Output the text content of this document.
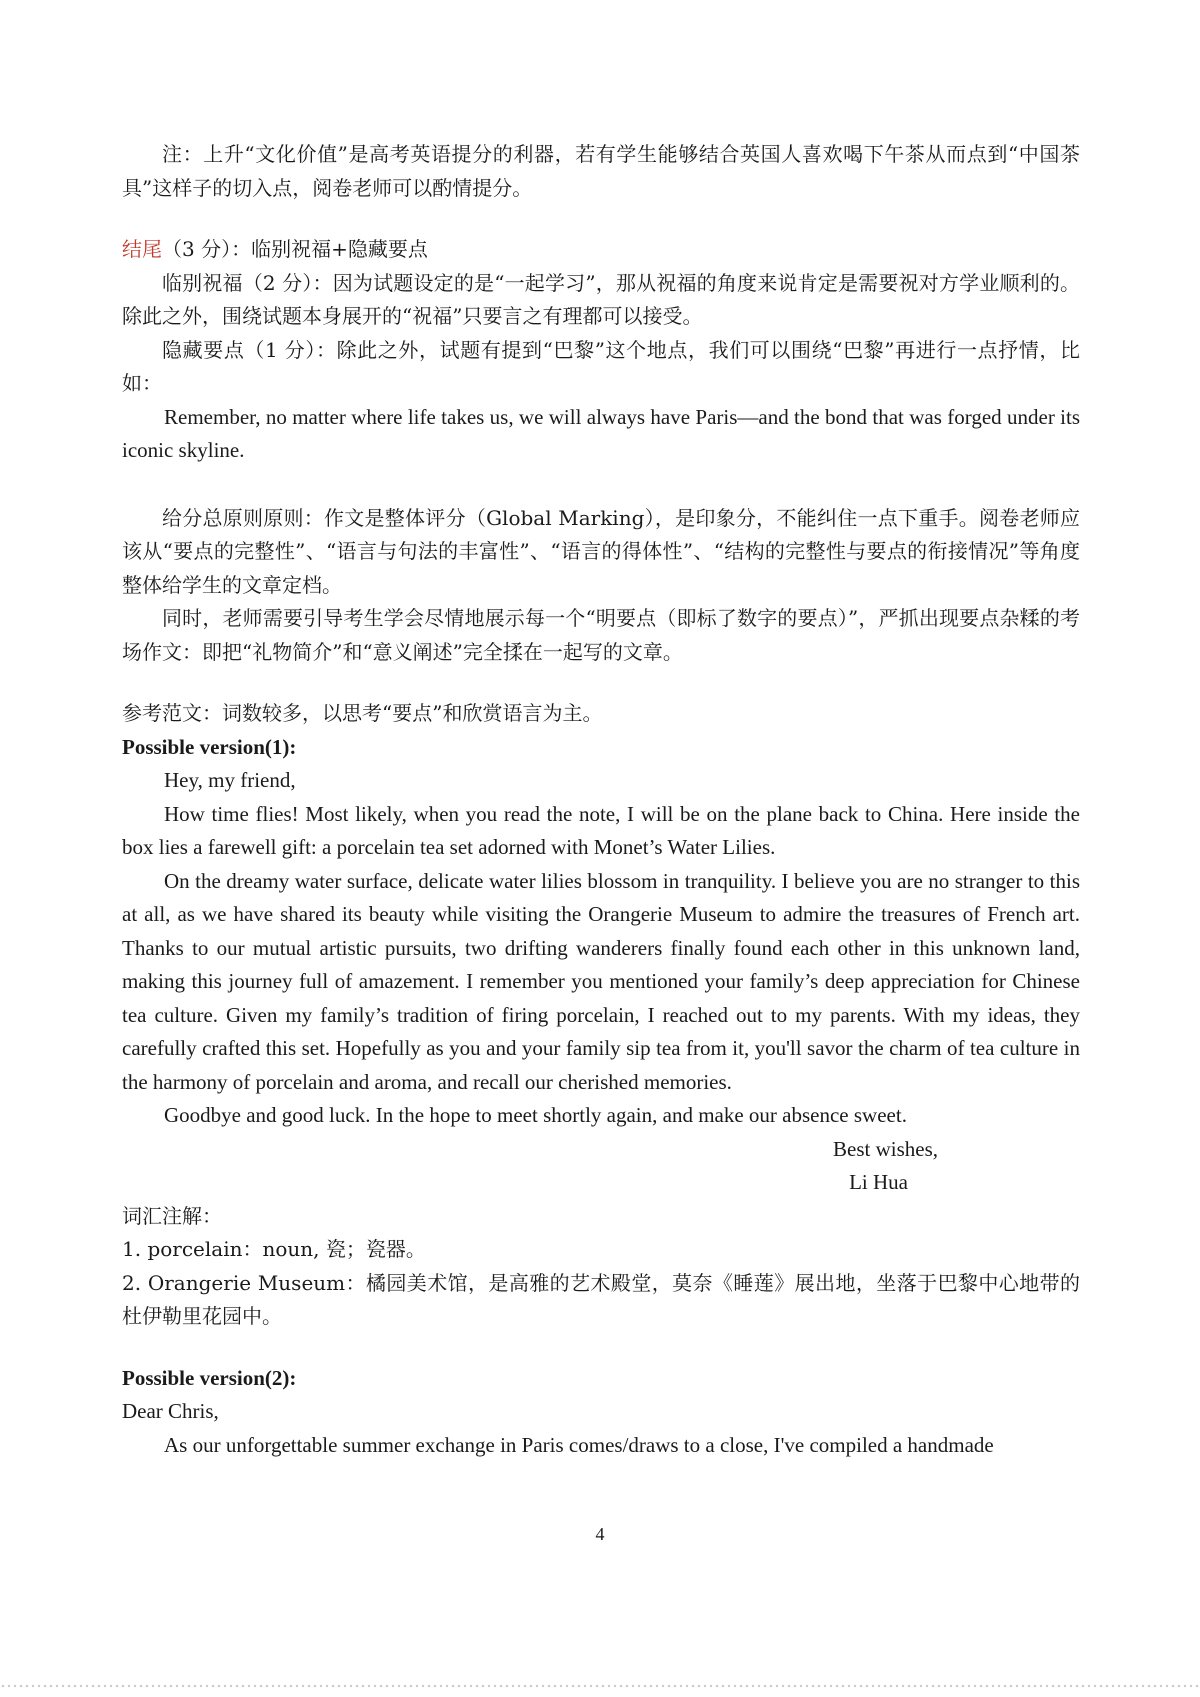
注：上升“文化价值”是高考英语提分的利器，若有学生能够结合英国人喜欢喝下午茶从而点到“中国茶具”这样子的切入点，阅卷老师可以酌情提分。

结尾（3 分）：临别祝福+隐藏要点

临别祝福（2 分）：因为试题设定的是“一起学习”，那从祝福的角度来说肯定是需要祝对方学业顺利的。除此之外，围绕试题本身展开的“祝福”只要言之有理都可以接受。

隐藏要点（1 分）：除此之外，试题有提到“巴黎”这个地点，我们可以围绕“巴黎”再进行一点抒情，比如：

Remember, no matter where life takes us, we will always have Paris—and the bond that was forged under its iconic skyline.

给分总原则原则：作文是整体评分（Global Marking），是印象分，不能纠住一点下重手。阅卷老师应该从“要点的完整性”、“语言与句法的丰富性”、“语言的得体性”、“结构的完整性与要点的衔接情况”等角度整体给学生的文章定档。

同时，老师需要引导考生学会尽情地展示每一个“明要点（即标了数字的要点）”，严抓出现要点杂糅的考场作文：即把“礼物简介”和“意义阐述”完全揉在一起写的文章。

参考范文：词数较多，以思考“要点”和欣赏语言为主。

Possible version(1):

Hey, my friend,

How time flies! Most likely, when you read the note, I will be on the plane back to China. Here inside the box lies a farewell gift: a porcelain tea set adorned with Monet’s Water Lilies.

On the dreamy water surface, delicate water lilies blossom in tranquility. I believe you are no stranger to this at all, as we have shared its beauty while visiting the Orangerie Museum to admire the treasures of French art. Thanks to our mutual artistic pursuits, two drifting wanderers finally found each other in this unknown land, making this journey full of amazement. I remember you mentioned your family’s deep appreciation for Chinese tea culture. Given my family’s tradition of firing porcelain, I reached out to my parents. With my ideas, they carefully crafted this set. Hopefully as you and your family sip tea from it, you'll savor the charm of tea culture in the harmony of porcelain and aroma, and recall our cherished memories.

Goodbye and good luck. In the hope to meet shortly again, and make our absence sweet.

Best wishes,
Li Hua

词汇注解：

1. porcelain：noun, 瓷；瓷器。

2. Orangerie Museum：橘园美术馆，是高雅的艺术殿堂，莫奈《睡莲》展出地，坐落于巴黎中心地带的杜伊勒里花园中。

Possible version(2):

Dear Chris,

As our unforgettable summer exchange in Paris comes/draws to a close, I've compiled a handmade

4
